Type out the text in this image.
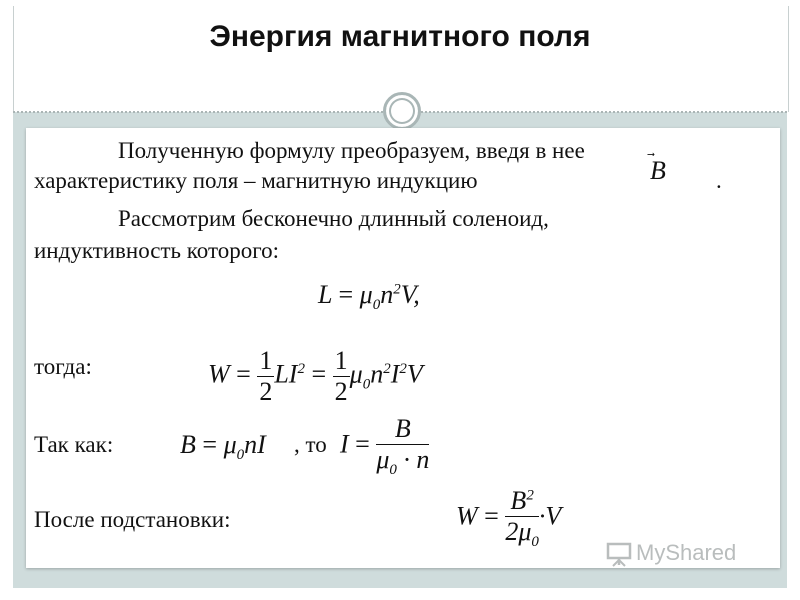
Энергия магнитного поля
Полученную формулу преобразуем, введя в нее
характеристику поля – магнитную индукцию	B .
Рассмотрим бесконечно длинный соленоид,
индуктивность которого:
$L = \mu_0n^2V$,
тогда:	$W = \frac{1}{2} LI^2 = \frac{1}{2} \mu_0n^2I^2V$
Так как:	$B = \mu_0nI$ , то $I = \frac{B}{\mu_0 \cdot n}$
После подстановки:	$W = \frac{B^2}{2\mu_0} \cdot V$
MyShared
